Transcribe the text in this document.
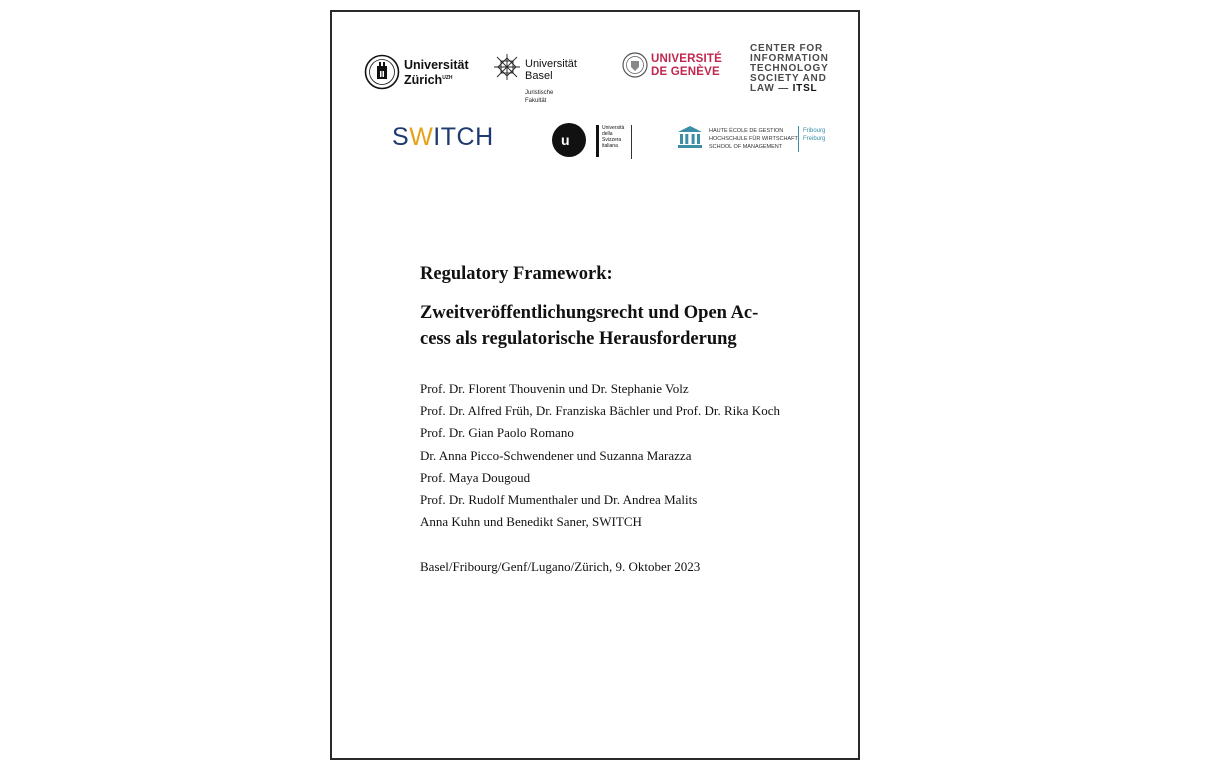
Universität
Zürich$^{UZH}$
Universität
Basel
Juristische
Fakultät
UNIVERSITÉ
DE GENÈVE
CENTER FOR
INFORMATION
TECHNOLOGY
SOCIETY AND
LAW — ITSL
SWITCH	u s
Università
della
Svizzera
italiana
HAUTE ÉCOLE DE GESTION
HOCHSCHULE FÜR WIRTSCHAFT
SCHOOL OF MANAGEMENT
Fribourg
Freiburg
Regulatory Framework:
Zweitveröffentlichungsrecht und Open Ac-
cess als regulatorische Herausforderung
Prof. Dr. Florent Thouvenin und Dr. Stephanie Volz
Prof. Dr. Alfred Früh, Dr. Franziska Bächler und Prof. Dr. Rika Koch
Prof. Dr. Gian Paolo Romano
Dr. Anna Picco-Schwendener und Suzanna Marazza
Prof. Maya Dougoud
Prof. Dr. Rudolf Mumenthaler und Dr. Andrea Malits
Anna Kuhn und Benedikt Saner, SWITCH
Basel/Fribourg/Genf/Lugano/Zürich, 9. Oktober 2023
